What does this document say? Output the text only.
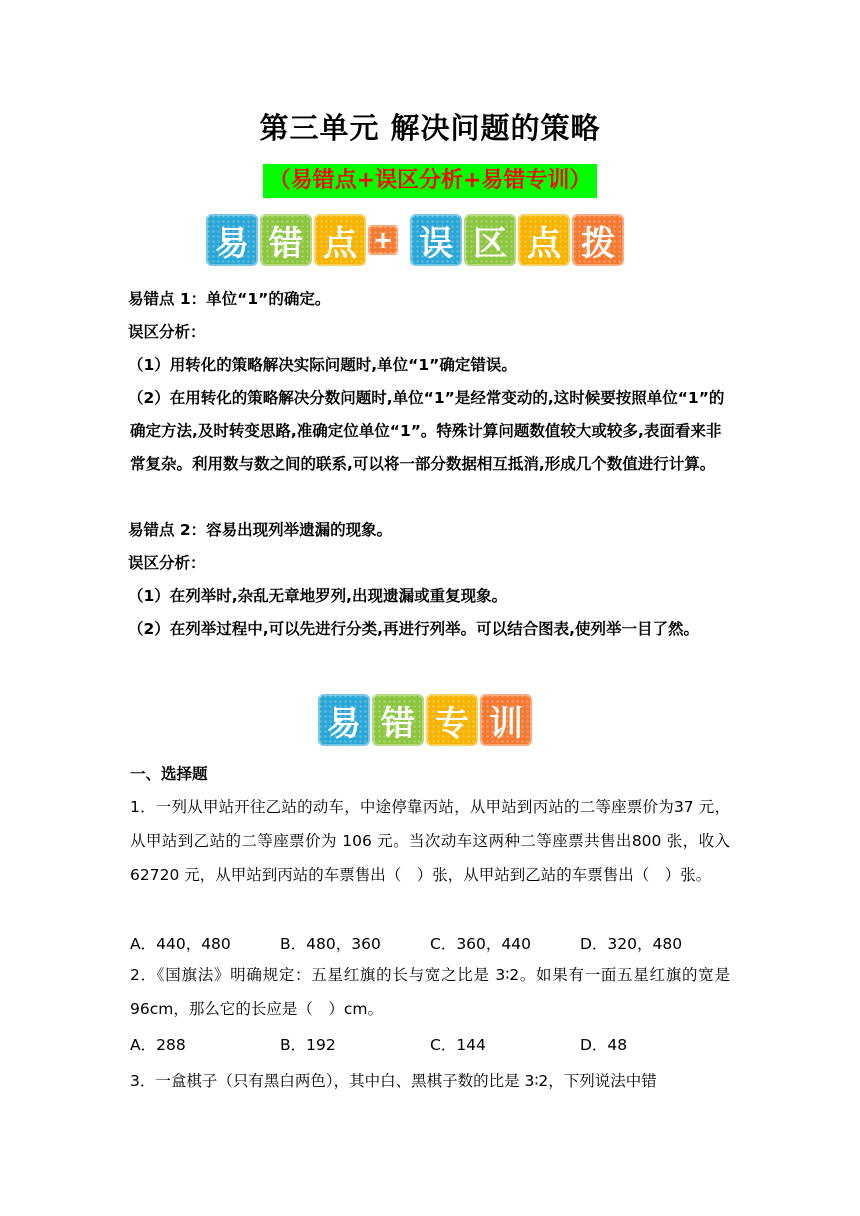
第三单元 解决问题的策略
（易错点+误区分析+易错专训）
易 错 点 + 误 区 点 拨
易错点 1：单位“1”的确定。
误区分析：
（1）用转化的策略解决实际问题时,单位“1”确定错误。
（2）在用转化的策略解决分数问题时,单位“1”是经常变动的,这时候要按照单位“1”的确定方法,及时转变思路,准确定位单位“1”。特殊计算问题数值较大或较多,表面看来非常复杂。利用数与数之间的联系,可以将一部分数据相互抵消,形成几个数值进行计算。
易错点 2：容易出现列举遗漏的现象。
误区分析：
（1）在列举时,杂乱无章地罗列,出现遗漏或重复现象。
（2）在列举过程中,可以先进行分类,再进行列举。可以结合图表,使列举一目了然。
易 错 专 训
一、选择题
1．一列从甲站开往乙站的动车，中途停靠丙站，从甲站到丙站的二等座票价为37 元，从甲站到乙站的二等座票价为 106 元。当次动车这两种二等座票共售出800 张，收入 62720 元，从甲站到丙站的车票售出（　）张，从甲站到乙站的车票售出（　）张。
A．440，480	B．480，360	C．360，440	D．320，480
2．《国旗法》明确规定：五星红旗的长与宽之比是 3∶2。如果有一面五星红旗的宽是 96cm，那么它的长应是（　）cm。
A．288	B．192	C．144	D．48
3．一盒棋子（只有黑白两色），其中白、黑棋子数的比是 3∶2，下列说法中错
